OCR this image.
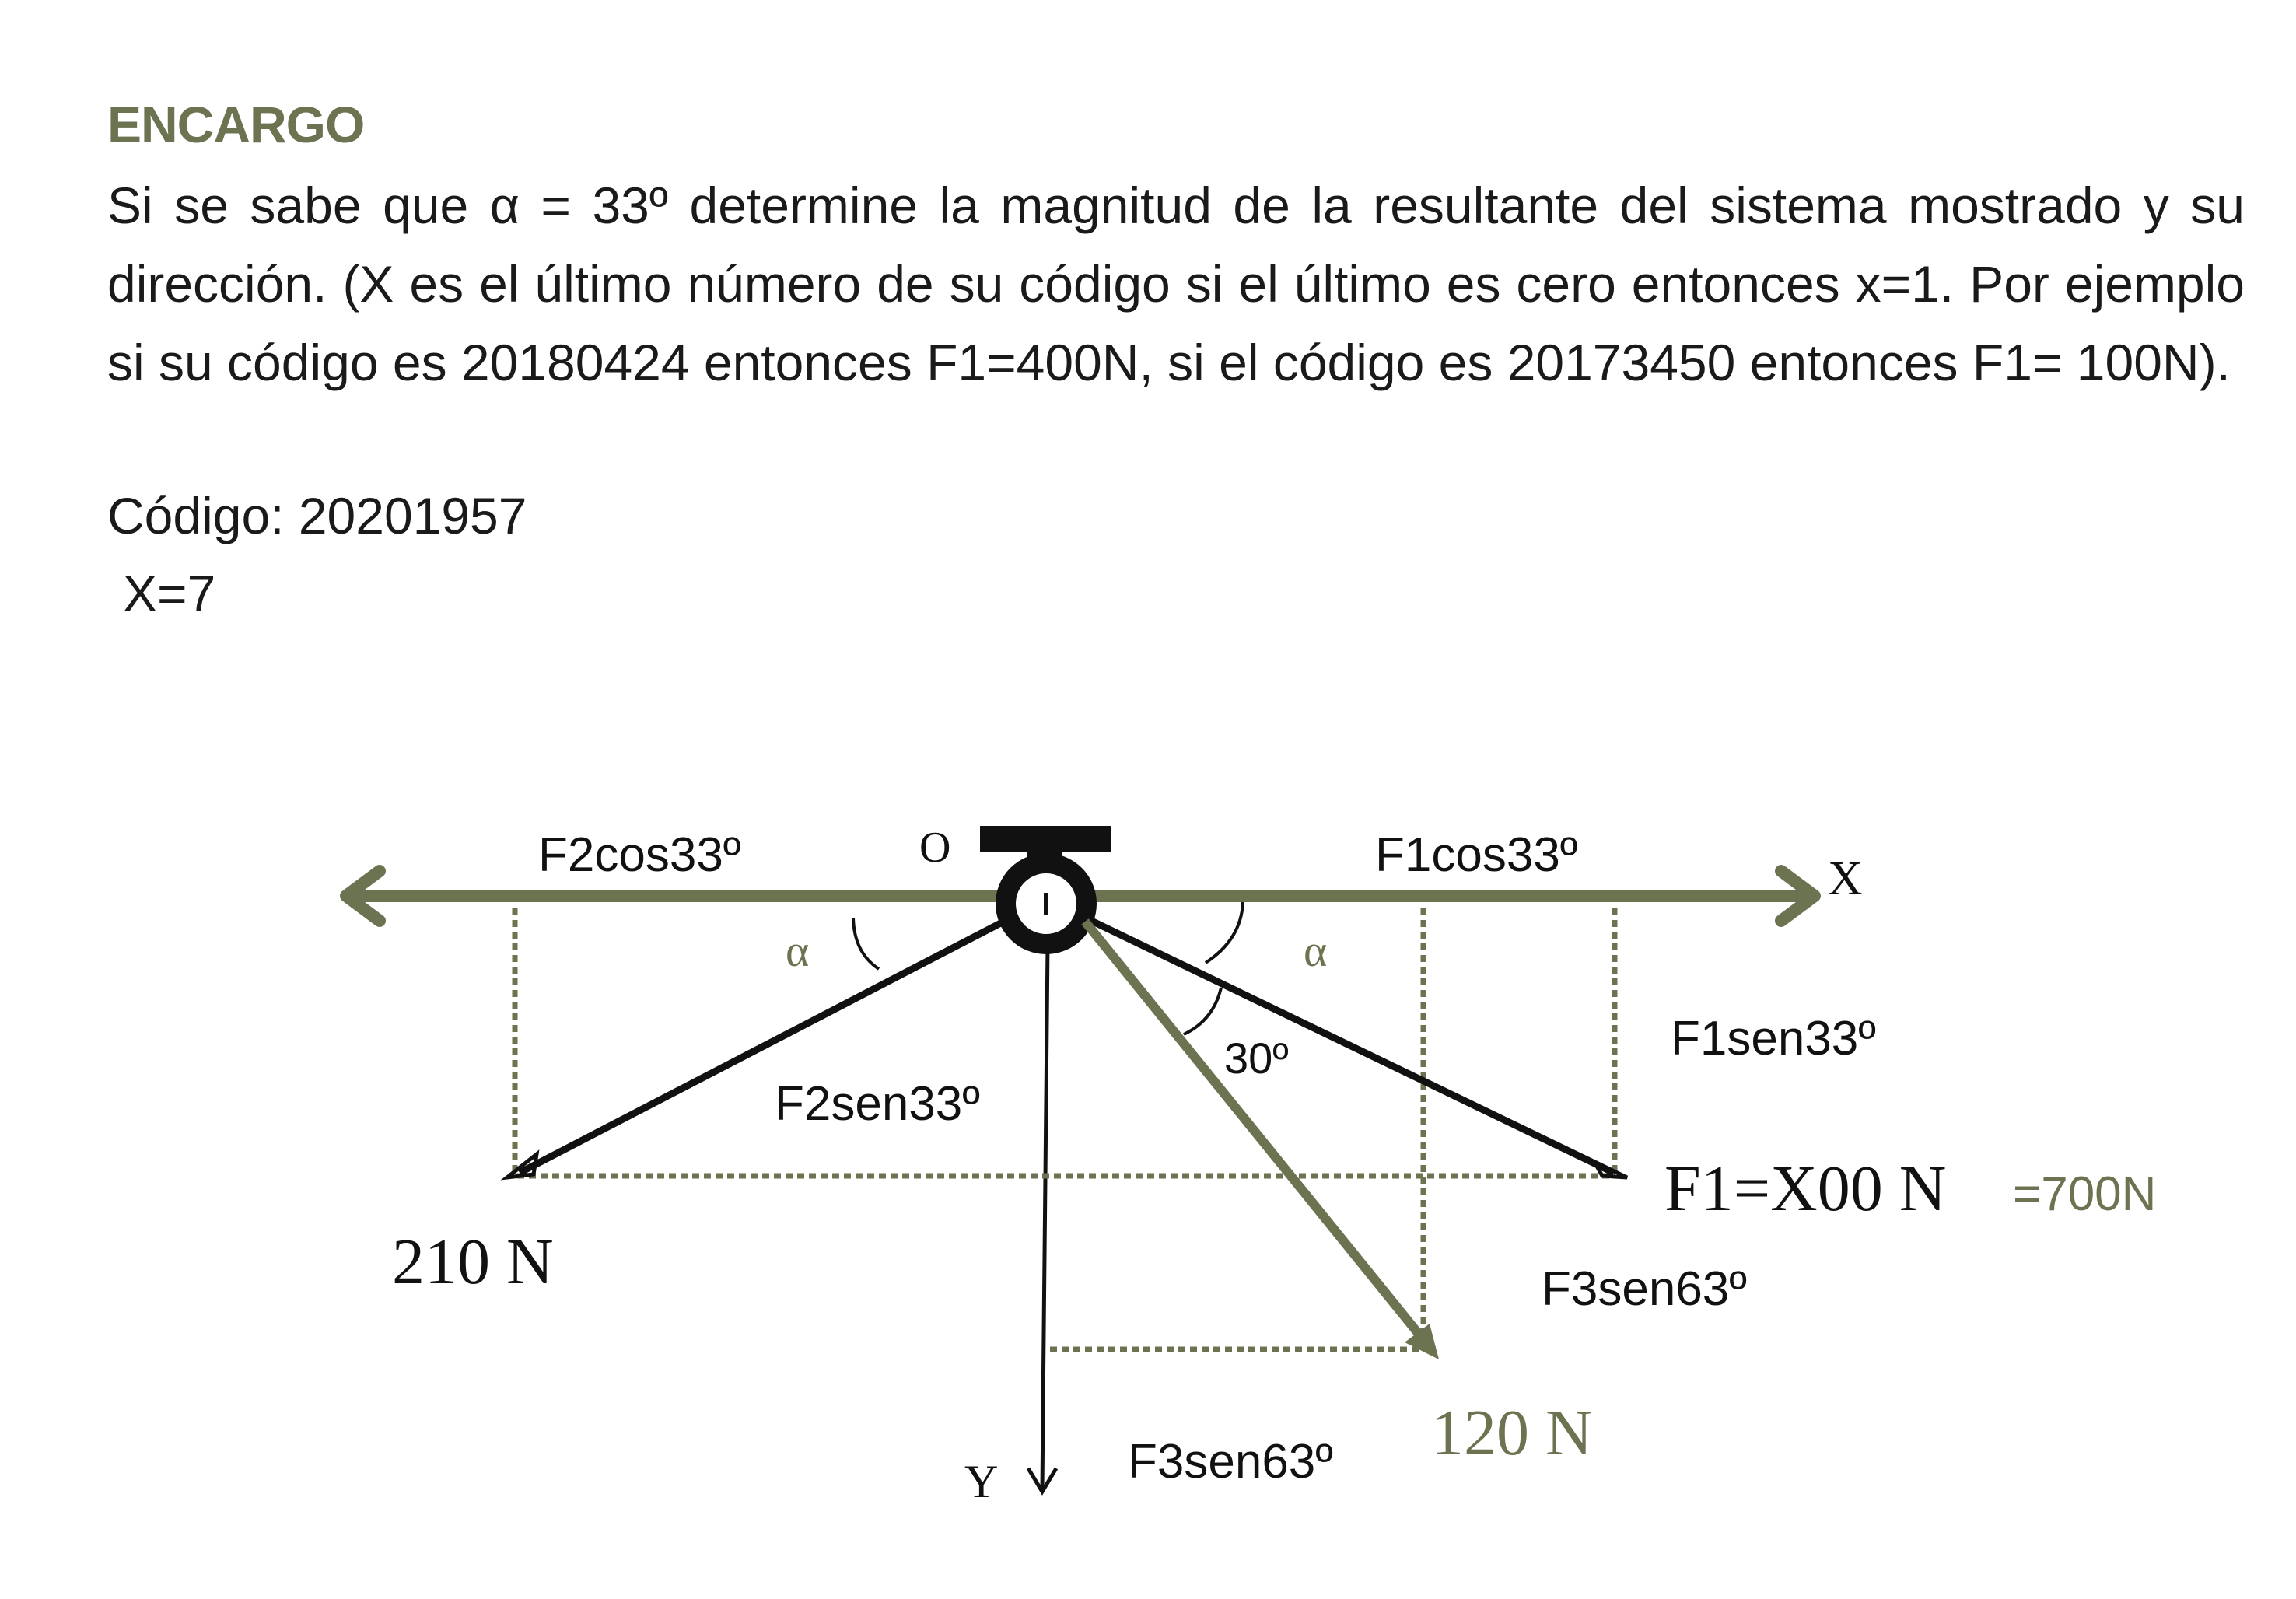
ENCARGO
Si se sabe que α = 33º determine la magnitud de la resultante del sistema mostrado y su dirección. (X es el último número de su código si el último es cero entonces x=1. Por ejemplo si su código es 20180424 entonces F1=400N, si el código es 20173450 entonces F1= 100N).
Código: 20201957
X=7
O
X
Y
F2cos33º	F1cos33º
F2sen33º
F1sen33º
α	α
30º
F3sen63º
F3sen63º
210 N
120 N
F1=X00 N =700N
